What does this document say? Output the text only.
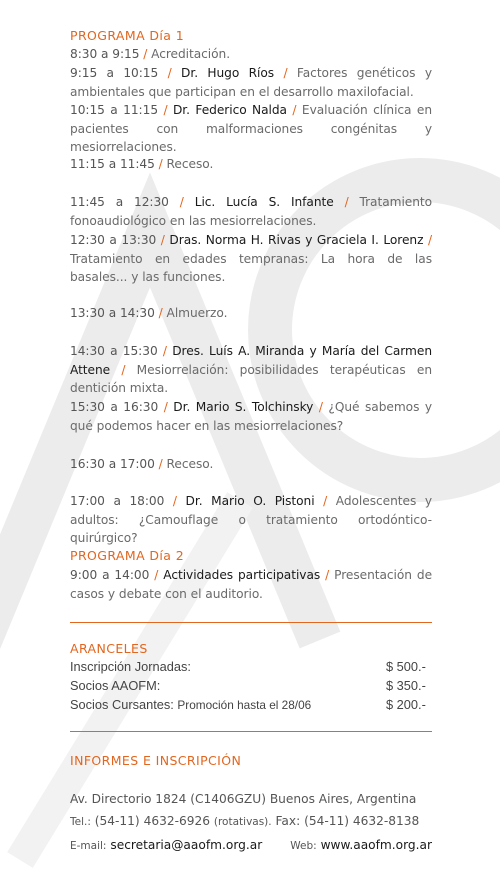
PROGRAMA Día 1
8:30 a 9:15 / Acreditación.
9:15 a 10:15 / Dr. Hugo Ríos / Factores genéticos y ambientales que participan en el desarrollo maxilofacial.
10:15 a 11:15 / Dr. Federico Nalda / Evaluación clínica en pacientes con malformaciones congénitas y mesiorrelaciones.
11:15 a 11:45 / Receso.
11:45 a 12:30 / Lic. Lucía S. Infante / Tratamiento fonoaudiológico en las mesiorrelaciones.
12:30 a 13:30 / Dras. Norma H. Rivas y Graciela I. Lorenz / Tratamiento en edades tempranas: La hora de las basales... y las funciones.
13:30 a 14:30 / Almuerzo.
14:30 a 15:30 / Dres. Luís A. Miranda y María del Carmen Attene / Mesiorrelación: posibilidades terapéuticas en dentición mixta.
15:30 a 16:30 / Dr. Mario S. Tolchinsky / ¿Qué sabemos y qué podemos hacer en las mesiorrelaciones?
16:30 a 17:00 / Receso.
17:00 a 18:00 / Dr. Mario O. Pistoni / Adolescentes y adultos: ¿Camouflage o tratamiento ortodóntico-quirúrgico?
PROGRAMA Día 2
9:00 a 14:00 / Actividades participativas / Presentación de casos y debate con el auditorio.
ARANCELES
Inscripción Jornadas:	$ 500.-
Socios AAOFM:	$ 350.-
Socios Cursantes: Promoción hasta el 28/06	$ 200.-
INFORMES E INSCRIPCIÓN
Av. Directorio 1824 (C1406GZU) Buenos Aires, Argentina
Tel.: (54-11) 4632-6926 (rotativas). Fax: (54-11) 4632-8138
E-mail: secretaria@aaofm.org.ar	Web: www.aaofm.org.ar
